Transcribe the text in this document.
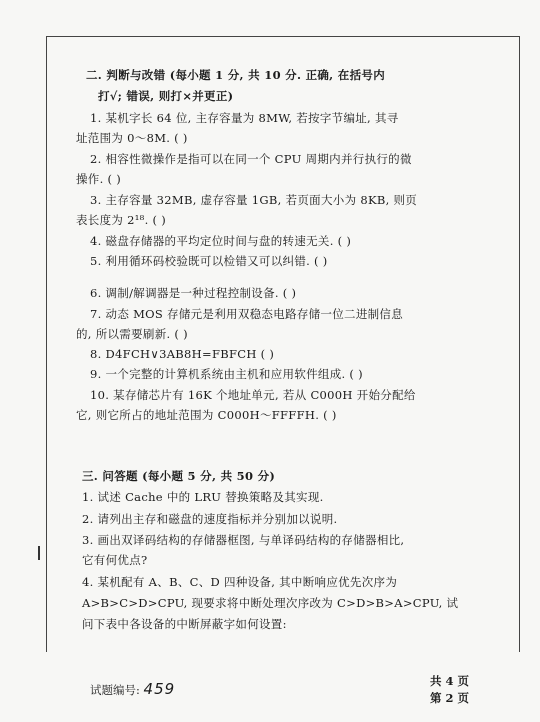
二. 判断与改错 (每小题 1 分, 共 10 分. 正确, 在括号内
打√; 错误, 则打×并更正)
1. 某机字长 64 位, 主存容量为 8MW, 若按字节编址, 其寻
址范围为 0～8M. ( )
2. 相容性微操作是指可以在同一个 CPU 周期内并行执行的微
操作. ( )
3. 主存容量 32MB, 虚存容量 1GB, 若页面大小为 8KB, 则页
表长度为 2¹⁸. ( )
4. 磁盘存储器的平均定位时间与盘的转速无关. ( )
5. 利用循环码校验既可以检错又可以纠错. ( )
6. 调制/解调器是一种过程控制设备. ( )
7. 动态 MOS 存储元是利用双稳态电路存储一位二进制信息
的, 所以需要刷新. ( )
8. D4FCH∨3AB8H=FBFCH ( )
9. 一个完整的计算机系统由主机和应用软件组成. ( )
10. 某存储芯片有 16K 个地址单元, 若从 C000H 开始分配给
它, 则它所占的地址范围为 C000H～FFFFH. ( )
三. 问答题 (每小题 5 分, 共 50 分)
1. 试述 Cache 中的 LRU 替换策略及其实现.
2. 请列出主存和磁盘的速度指标并分别加以说明.
3. 画出双译码结构的存储器框图, 与单译码结构的存储器相比,
它有何优点?
4. 某机配有 A、B、C、D 四种设备, 其中断响应优先次序为
A>B>C>D>CPU, 现要求将中断处理次序改为 C>D>B>A>CPU, 试
问下表中各设备的中断屏蔽字如何设置:
试题编号: 459	共 4 页
第 2 页
